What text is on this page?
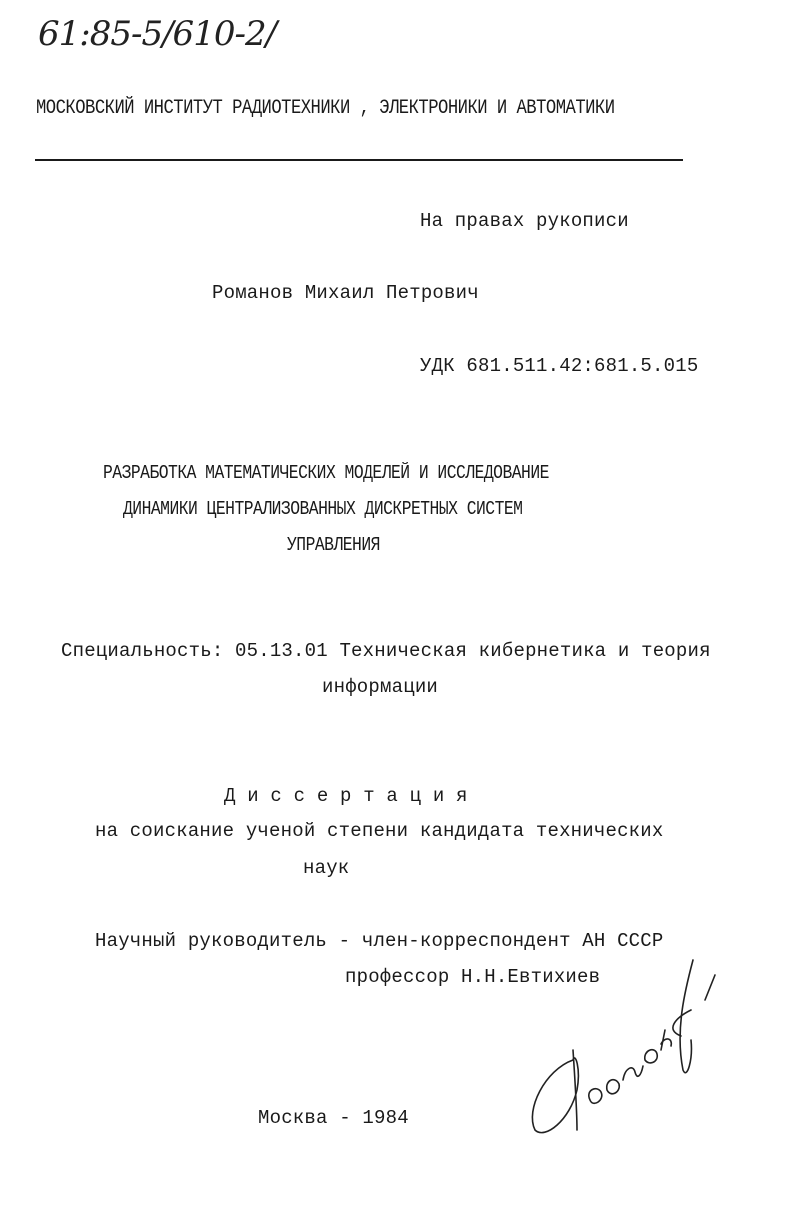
61:85-5/610-2/
МОСКОВСКИЙ ИНСТИТУТ РАДИОТЕХНИКИ , ЭЛЕКТРОНИКИ И АВТОМАТИКИ
На правах рукописи
Романов Михаил Петрович
УДК 681.511.42:681.5.015
РАЗРАБОТКА МАТЕМАТИЧЕСКИХ МОДЕЛЕЙ И ИССЛЕДОВАНИЕ
ДИНАМИКИ ЦЕНТРАЛИЗОВАННЫХ ДИСКРЕТНЫХ СИСТЕМ
УПРАВЛЕНИЯ
Специальность: 05.13.01 Техническая кибернетика и теория
информации
Д и с с е р т а ц и я
на соискание ученой степени кандидата технических
наук
Научный руководитель - член-корреспондент АН СССР
профессор Н.Н.Евтихиев
Москва - 1984
